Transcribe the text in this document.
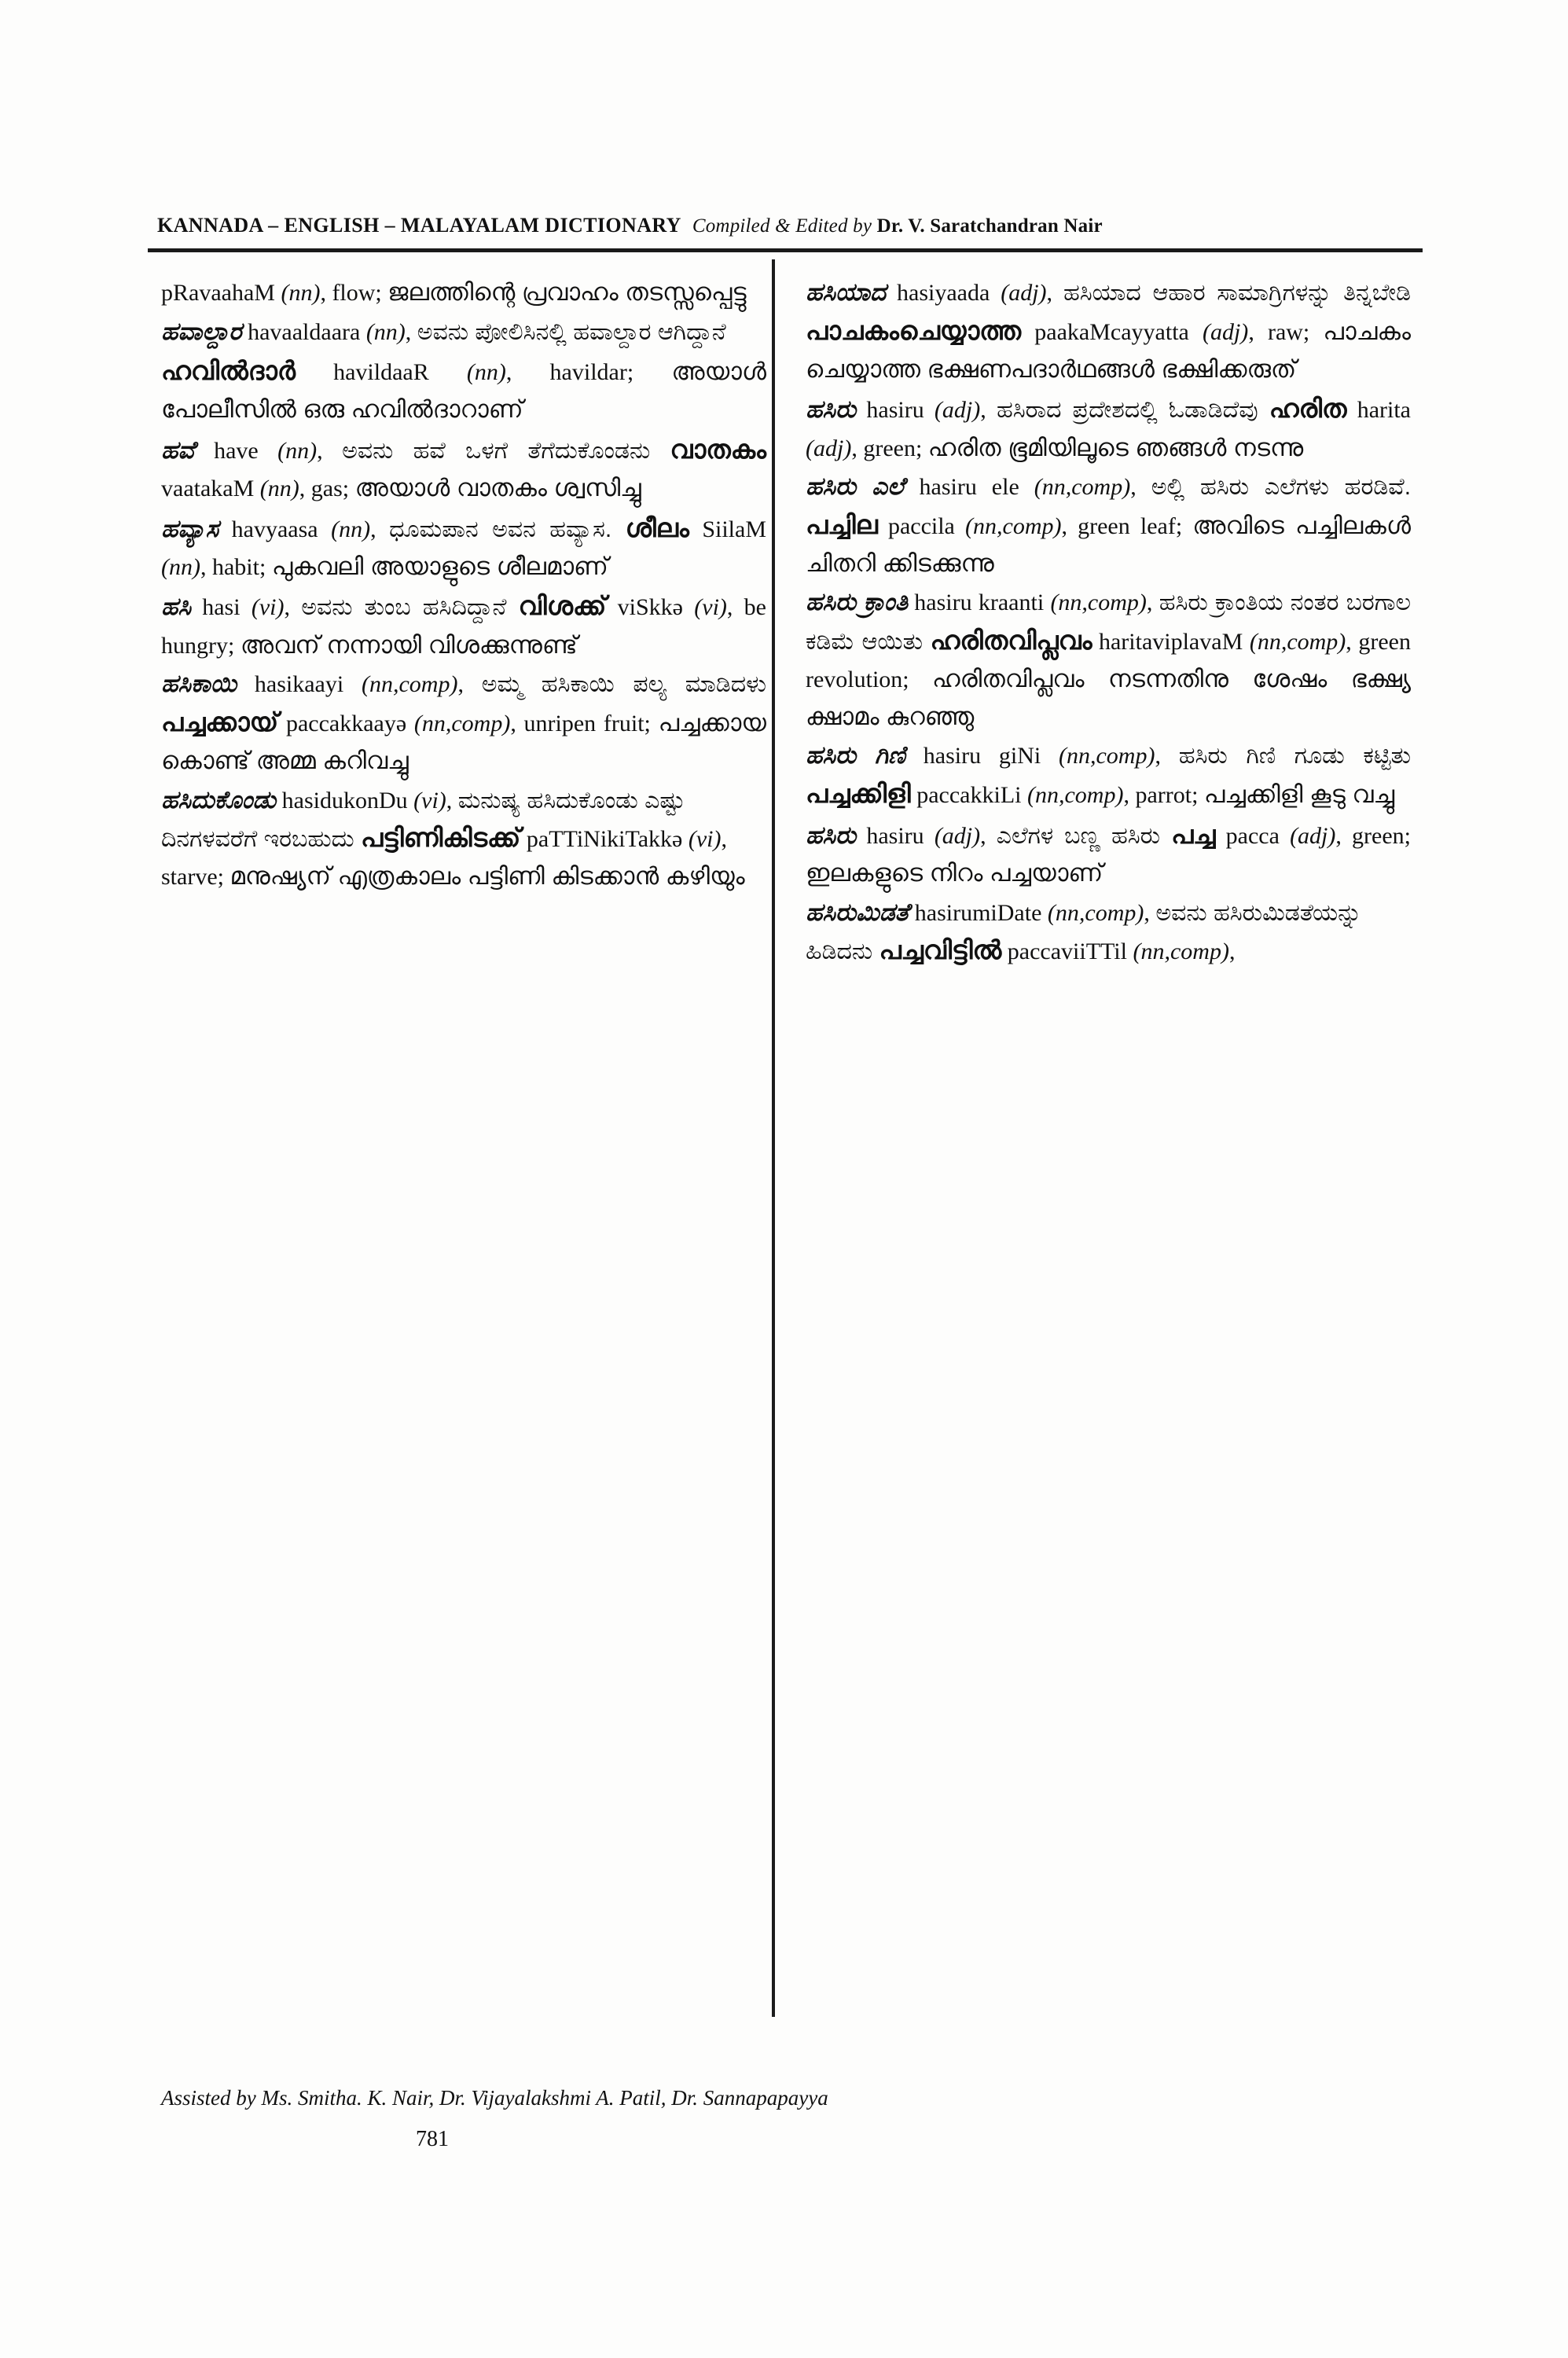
KANNADA – ENGLISH – MALAYALAM DICTIONARY Compiled & Edited by Dr. V. Saratchandran Nair

pRavaahaM (nn), flow; ജലത്തിന്റെ പ്രവാഹം തടസ്സപ്പെട്ടു

ಹವಾಲ್ದಾರ havaaldaara (nn), ಅವನು ಪೋಲಿಸಿನಲ್ಲಿ ಹವಾಲ್ದಾರ ಆಗಿದ್ದಾನೆ

ഹവിൽദാർ havildaaR (nn), havildar; അയാൾ പോലീസിൽ ഒരു ഹവിൽദാറാണ്

ಹವೆ have (nn), ಅವನು ಹವೆ ಒಳಗೆ ತೆಗೆದುಕೊಂಡನು വാതകം vaatakaM (nn), gas; അയാൾ വാതകം ശ്വസിച്ചു

ಹವ್ಯಾಸ havyaasa (nn), ಧೂಮಪಾನ ಅವನ ಹವ್ಯಾಸ. ശീലം SiilaM (nn), habit; പുകവലി അയാളുടെ ശീലമാണ്

ಹಸಿ hasi (vi), ಅವನು ತುಂಬ ಹಸಿದಿದ್ದಾನೆ വിശക്ക് viSkkə (vi), be hungry; അവന് നന്നായി വിശക്കുന്നുണ്ട്

ಹಸಿಕಾಯಿ hasikaayi (nn,comp), ಅಮ್ಮ ಹಸಿಕಾಯಿ ಪಲ್ಯ ಮಾಡಿದಳು പച്ചക്കായ് paccakkaayə (nn,comp), unripen fruit; പച്ചക്കായ കൊണ്ട് അമ്മ കറിവച്ചു

ಹಸಿದುಕೊಂಡು hasidukonDu (vi), ಮನುಷ್ಯ ಹಸಿದುಕೊಂಡು ಎಷ್ಟು ದಿನಗಳವರೆಗೆ ಇರಬಹುದು പട്ടിണികിടക്ക് paTTiNikiTakkə (vi), starve; മനുഷ്യന് എത്രകാലം പട്ടിണി കിടക്കാൻ കഴിയും

ಹಸಿಯಾದ hasiyaada (adj), ಹಸಿಯಾದ ಆಹಾರ ಸಾಮಾಗ್ರಿಗಳನ್ನು ತಿನ್ನಬೇಡಿ പാചകംചെയ്യാത്ത paakaMcayyatta (adj), raw; പാചകം ചെയ്യാത്ത ഭക്ഷണപദാർഥങ്ങൾ ഭക്ഷിക്കരുത്

ಹಸಿರು hasiru (adj), ಹಸಿರಾದ ಪ್ರದೇಶದಲ್ಲಿ ಓಡಾಡಿದೆವು ഹരിത harita (adj), green; ഹരിത ഭൂമിയിലൂടെ ഞങ്ങൾ നടന്നു

ಹಸಿರು ಎಲೆ hasiru ele (nn,comp), ಅಲ್ಲಿ ಹಸಿರು ಎಲೆಗಳು ಹರಡಿವೆ. പച്ചില paccila (nn,comp), green leaf; അവിടെ പച്ചിലകൾ ചിതറി ക്കിടക്കുന്നു

ಹಸಿರು ಕ್ರಾಂತಿ hasiru kraanti (nn,comp), ಹಸಿರು ಕ್ರಾಂತಿಯ ನಂತರ ಬರಗಾಲ ಕಡಿಮೆ ಆಯಿತು ഹരിതവിപ്ലവം haritaviplavaM (nn,comp), green revolution; ഹരിതവിപ്ലവം നടന്നതിനു ശേഷം ഭക്ഷ്യ ക്ഷാമം കുറഞ്ഞു

ಹಸಿರು ಗಿಣಿ hasiru giNi (nn,comp), ಹಸಿರು ಗಿಣಿ ಗೂಡು ಕಟ್ಟಿತು പച്ചക്കിളി paccakkiLi (nn,comp), parrot; പച്ചക്കിളി കൂടു വച്ചു

ಹಸಿರು hasiru (adj), ಎಲೆಗಳ ಬಣ್ಣ ಹಸಿರು പച്ച pacca (adj), green; ഇലകളുടെ നിറം പച്ചയാണ്

ಹಸಿರುಮಿಡತೆ hasirumiDate (nn,comp), ಅವನು ಹಸಿರುಮಿಡತೆಯನ್ನು ಹಿಡಿದನು പച്ചവിട്ടിൽ paccaviiTTil (nn,comp),

Assisted by Ms. Smitha. K. Nair, Dr. Vijayalakshmi A. Patil, Dr. Sannapapayya
781
